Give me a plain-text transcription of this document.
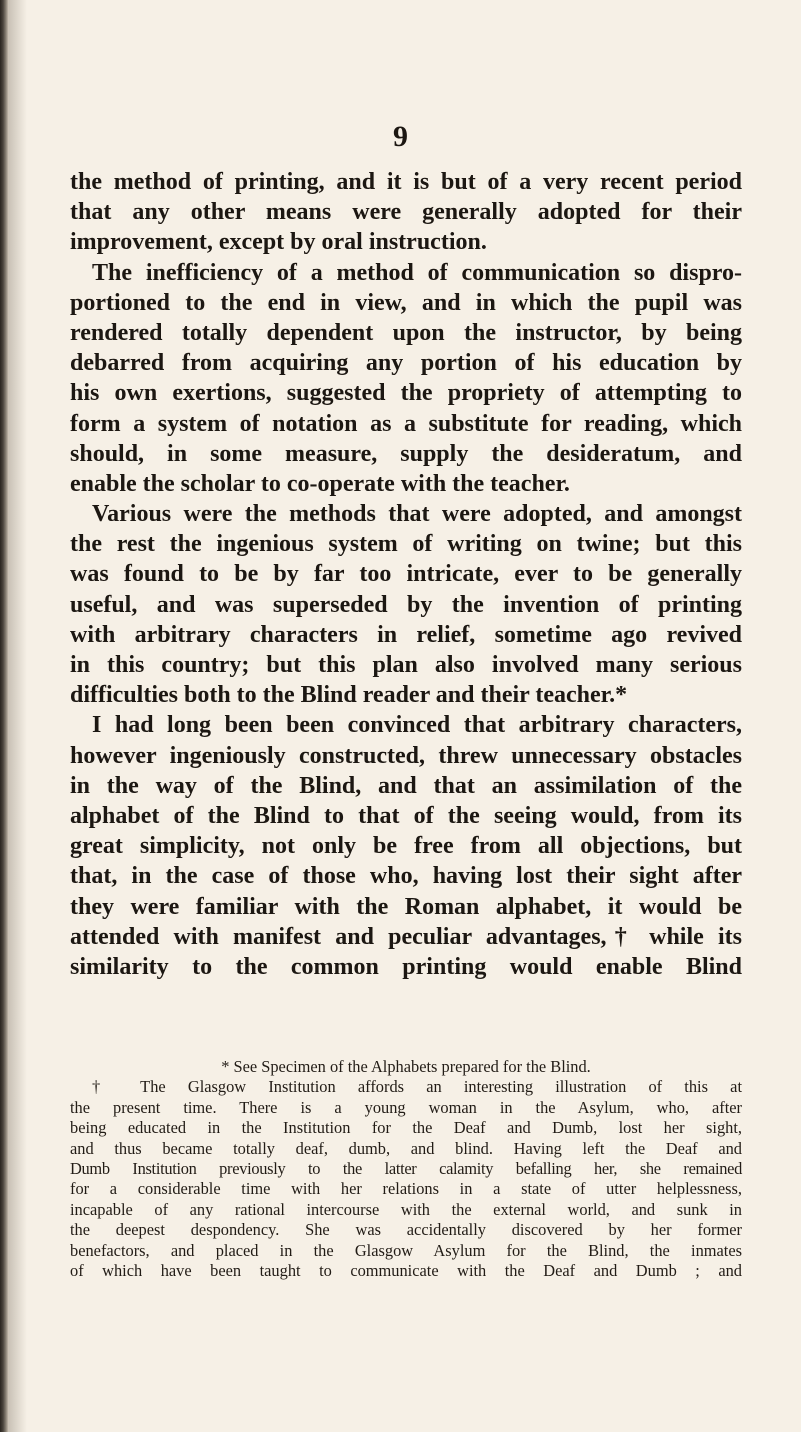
9
the method of printing, and it is but of a very recent period
that any other means were generally adopted for their
improvement, except by oral instruction.
The inefficiency of a method of communication so dispro-
portioned to the end in view, and in which the pupil was
rendered totally dependent upon the instructor, by being
debarred from acquiring any portion of his education by
his own exertions, suggested the propriety of attempting to
form a system of notation as a substitute for reading, which
should, in some measure, supply the desideratum, and
enable the scholar to co-operate with the teacher.
Various were the methods that were adopted, and amongst
the rest the ingenious system of writing on twine; but this
was found to be by far too intricate, ever to be generally
useful, and was superseded by the invention of printing
with arbitrary characters in relief, sometime ago revived
in this country; but this plan also involved many serious
difficulties both to the Blind reader and their teacher.*
I had long been been convinced that arbitrary characters,
however ingeniously constructed, threw unnecessary obstacles
in the way of the Blind, and that an assimilation of the
alphabet of the Blind to that of the seeing would, from its
great simplicity, not only be free from all objections, but
that, in the case of those who, having lost their sight after
they were familiar with the Roman alphabet, it would be
attended with manifest and peculiar advantages,† while its
similarity to the common printing would enable Blind
* See Specimen of the Alphabets prepared for the Blind.
† The Glasgow Institution affords an interesting illustration of this at
the present time. There is a young woman in the Asylum, who, after
being educated in the Institution for the Deaf and Dumb, lost her sight,
and thus became totally deaf, dumb, and blind. Having left the Deaf and
Dumb Institution previously to the latter calamity befalling her, she remained
for a considerable time with her relations in a state of utter helplessness,
incapable of any rational intercourse with the external world, and sunk in
the deepest despondency. She was accidentally discovered by her former
benefactors, and placed in the Glasgow Asylum for the Blind, the inmates
of which have been taught to communicate with the Deaf and Dumb ; and
